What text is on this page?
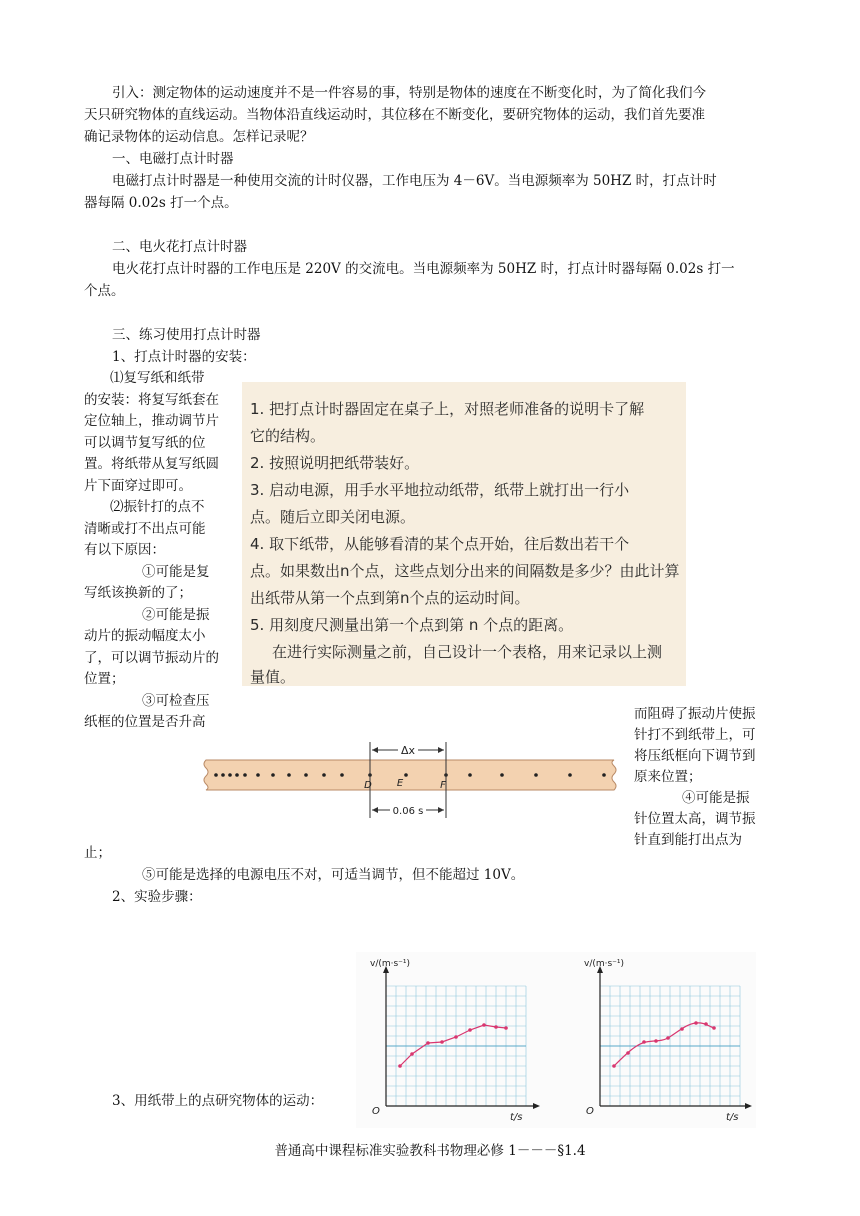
引入：测定物体的运动速度并不是一件容易的事，特别是物体的速度在不断变化时，为了简化我们今
天只研究物体的直线运动。当物体沿直线运动时，其位移在不断变化，要研究物体的运动，我们首先要准
确记录物体的运动信息。怎样记录呢？
一、电磁打点计时器
电磁打点计时器是一种使用交流的计时仪器，工作电压为 4－6V。当电源频率为 50HZ 时，打点计时
器每隔 0.02s 打一个点。
二、电火花打点计时器
电火花打点计时器的工作电压是 220V 的交流电。当电源频率为 50HZ 时，打点计时器每隔 0.02s 打一
个点。
三、练习使用打点计时器
1、打点计时器的安装：

⑴复写纸和纸带

的安装：将复写纸套在

定位轴上，推动调节片

可以调节复写纸的位

置。将纸带从复写纸圆

片下面穿过即可。

⑵振针打的点不

清晰或打不出点可能

有以下原因：

①可能是复

写纸该换新的了；

②可能是振

动片的振动幅度太小

了，可以调节振动片的

位置；

③可检查压

纸框的位置是否升高

1. 把打点计时器固定在桌子上，对照老师准备的说明卡了解

它的结构。

2. 按照说明把纸带装好。

3. 启动电源，用手水平地拉动纸带，纸带上就打出一行小

点。随后立即关闭电源。

4. 取下纸带，从能够看清的某个点开始，往后数出若干个

点。如果数出n个点，这些点划分出来的间隔数是多少？由此计算

出纸带从第一个点到第n个点的运动时间。

5. 用刻度尺测量出第一个点到第 n 个点的距离。

在进行实际测量之前，自己设计一个表格，用来记录以上测

量值。

而阻碍了振动片使振

针打不到纸带上，可

将压纸框向下调节到

原来位置；

④可能是振

针位置太高，调节振

针直到能打出点为

Δx
0.06 s
D E	F
止；
⑤可能是选择的电源电压不对，可适当调节，但不能超过 10V。
2、实验步骤：
v/(m·s⁻¹)
t/s
O
v/(m·s⁻¹)
t/s
O
3、用纸带上的点研究物体的运动：
普通高中课程标准实验教科书物理必修 1－－－§1.4
